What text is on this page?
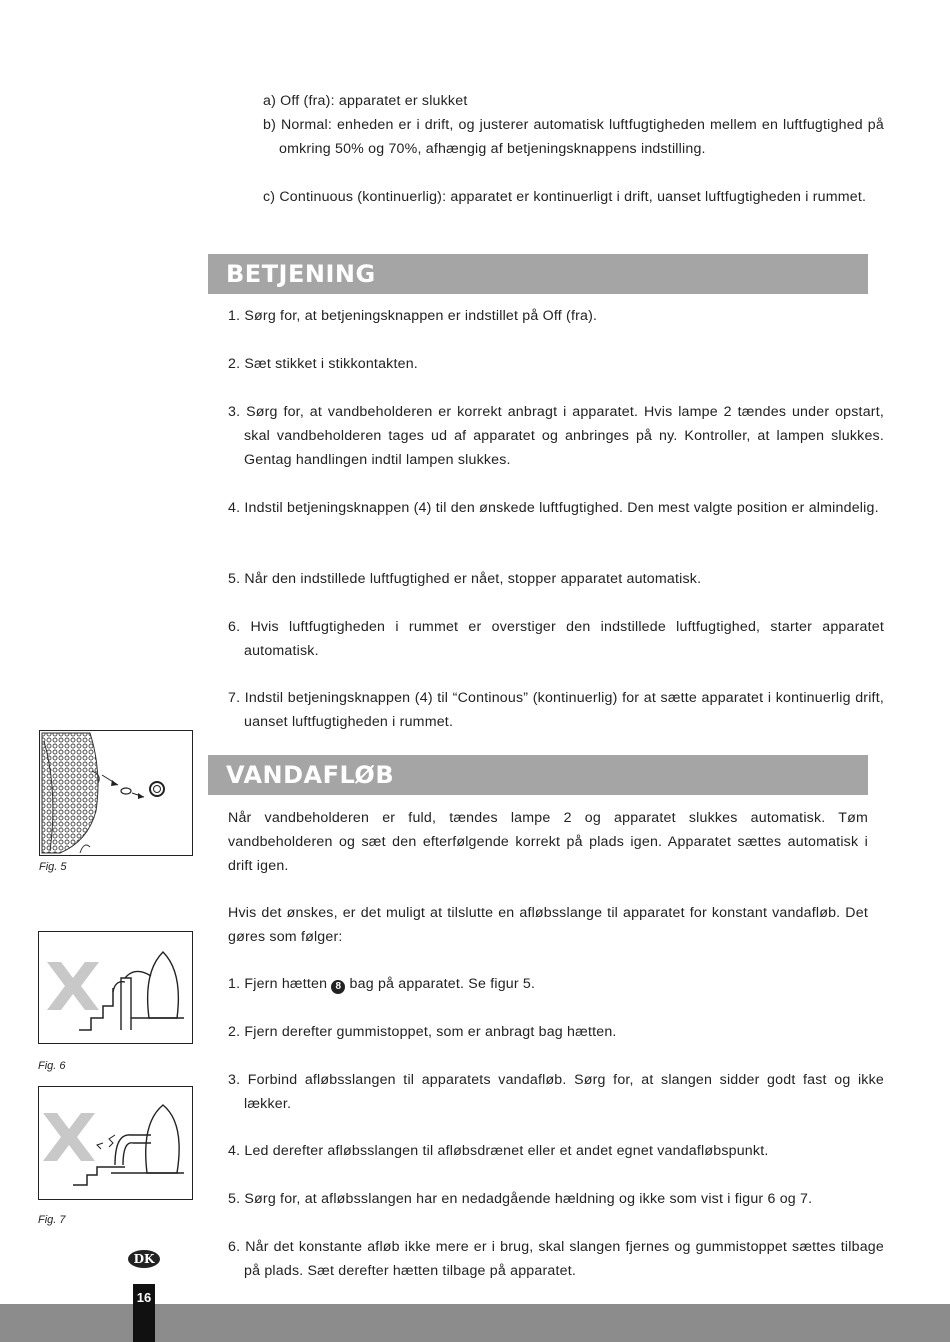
a) Off (fra): apparatet er slukket

b) Normal: enheden er i drift, og justerer automatisk luftfugtigheden mellem en luftfugtighed på omkring 50% og 70%, afhængig af betjeningsknappens indstilling.

c) Continuous (kontinuerlig): apparatet er kontinuerligt i drift, uanset luftfugtigheden i rummet.

BETJENING

1. Sørg for, at betjeningsknappen er indstillet på Off (fra).

2. Sæt stikket i stikkontakten.

3. Sørg for, at vandbeholderen er korrekt anbragt i apparatet. Hvis lampe 2 tændes under opstart, skal vandbeholderen tages ud af apparatet og anbringes på ny. Kontroller, at lampen slukkes. Gentag handlingen indtil lampen slukkes.

4. Indstil betjeningsknappen (4) til den ønskede luftfugtighed. Den mest valgte position er almindelig.

5. Når den indstillede luftfugtighed er nået, stopper apparatet automatisk.

6. Hvis luftfugtigheden i rummet er overstiger den indstillede luftfugtighed, starter apparatet automatisk.

7. Indstil betjeningsknappen (4) til “Continous” (kontinuerlig) for at sætte apparatet i kontinuerlig drift, uanset luftfugtigheden i rummet.

VANDAFLØB

Når vandbeholderen er fuld, tændes lampe 2 og apparatet slukkes automatisk. Tøm vandbeholderen og sæt den efterfølgende korrekt på plads igen. Apparatet sættes automatisk i drift igen.

Hvis det ønskes, er det muligt at tilslutte en afløbsslange til apparatet for konstant vandafløb. Det gøres som følger:

1. Fjern hætten 8 bag på apparatet. Se figur 5.

2. Fjern derefter gummistoppet, som er anbragt bag hætten.

3. Forbind afløbsslangen til apparatets vandafløb. Sørg for, at slangen sidder godt fast og ikke lækker.

4. Led derefter afløbsslangen til afløbsdrænet eller et andet egnet vandafløbspunkt.

5. Sørg for, at afløbsslangen har en nedadgående hældning og ikke som vist i figur 6 og 7.

6. Når det konstante afløb ikke mere er i brug, skal slangen fjernes og gummistoppet sættes tilbage på plads. Sæt derefter hætten tilbage på apparatet.

Fig. 5
Fig. 6
Fig. 7
DK
16
